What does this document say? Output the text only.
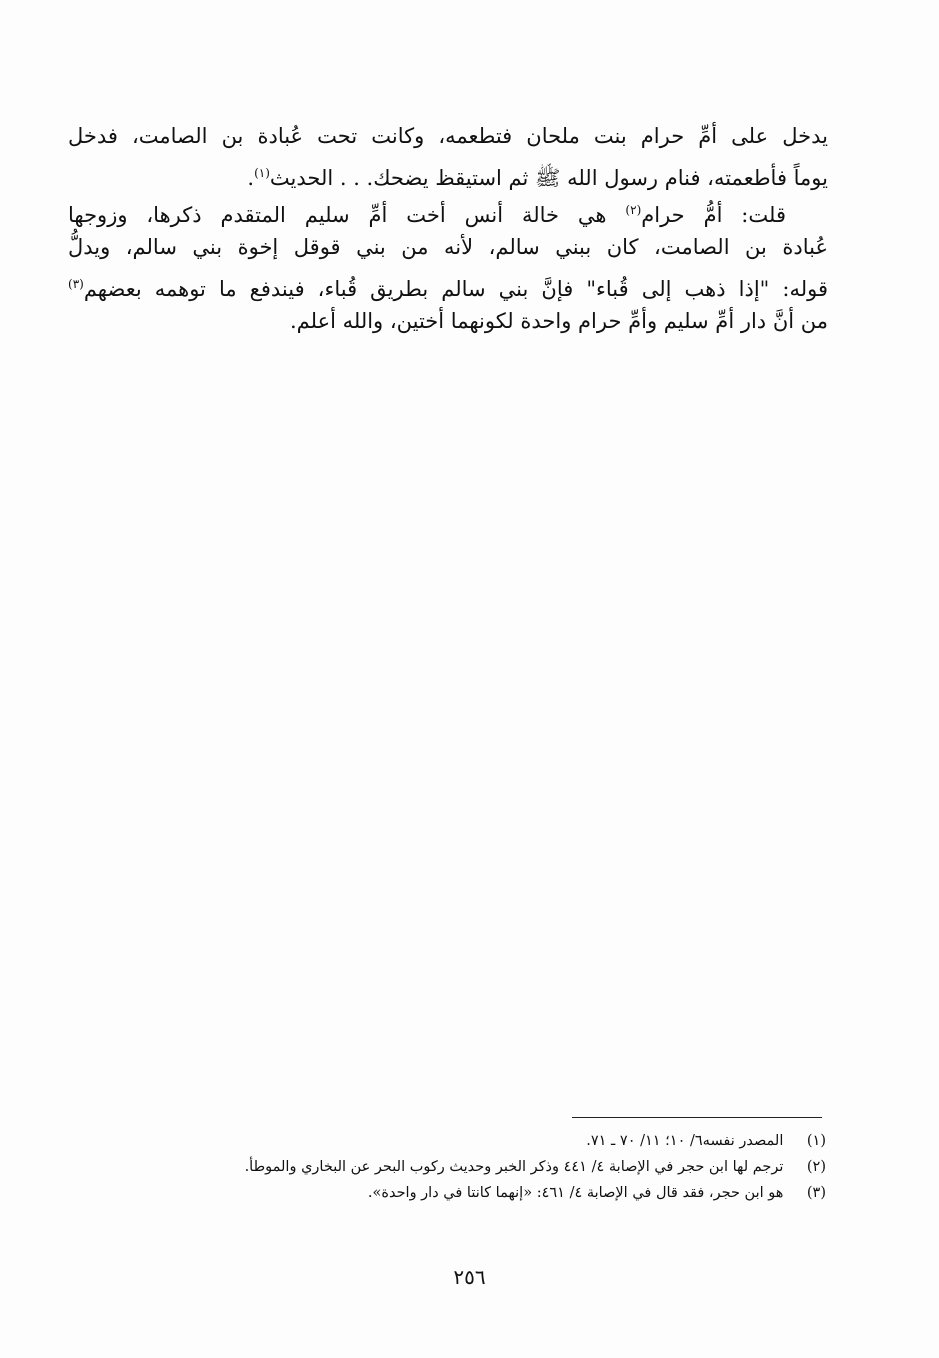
يدخل على أمِّ حرام بنت ملحان فتطعمه، وكانت تحت عُبادة بن الصامت، فدخل
يوماً فأطعمته، فنام رسول الله ﷺ ثم استيقظ يضحك. . . الحديث$^{(١)}$.
قلت: أمُّ حرام$^{(٢)}$ هي خالة أنس أخت أمِّ سليم المتقدم ذكرها، وزوجها
عُبادة بن الصامت، كان ببني سالم، لأنه من بني قوقل إخوة بني سالم، ويدلُّ
قوله: "إذا ذهب إلى قُباء" فإنَّ بني سالم بطريق قُباء، فيندفع ما توهمه بعضهم$^{(٣)}$
من أنَّ دار أمِّ سليم وأمِّ حرام واحدة لكونهما أختين، والله أعلم.
(١) المصدر نفسه٦/ ١٠؛ ١١/ ٧٠ ـ ٧١.
(٢) ترجم لها ابن حجر في الإصابة ٤/ ٤٤١ وذكر الخبر وحديث ركوب البحر عن البخاري والموطأ.
(٣) هو ابن حجر، فقد قال في الإصابة ٤/ ٤٦١: «إنهما كانتا في دار واحدة».
٢٥٦
